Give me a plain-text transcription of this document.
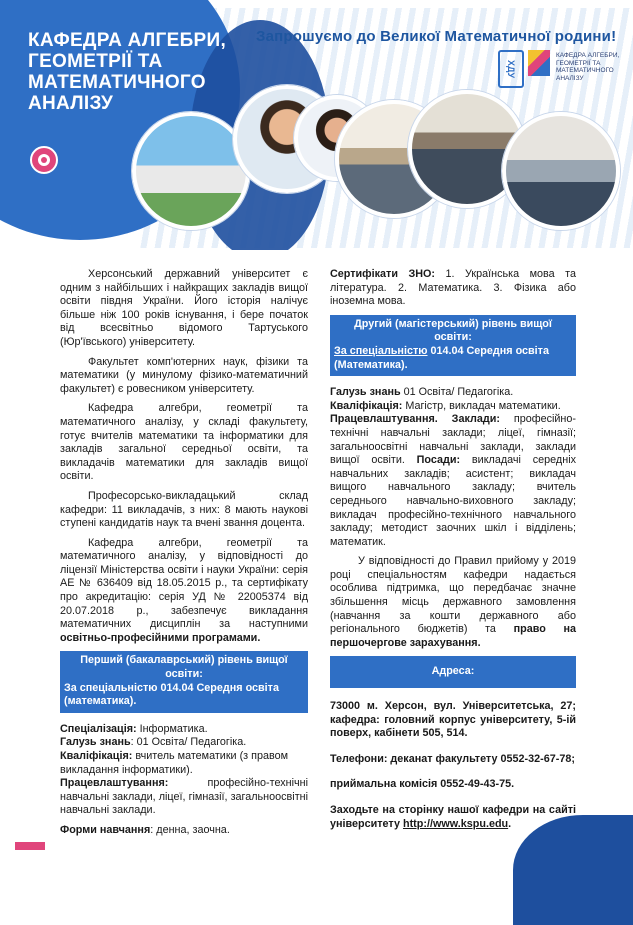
КАФЕДРА АЛГЕБРИ, ГЕОМЕТРІЇ ТА МАТЕМАТИЧНОГО АНАЛІЗУ
Запрошуємо до Великої Математичної родини!
ХДУ
КАФЕДРА АЛГЕБРИ, ГЕОМЕТРІЇ ТА МАТЕМАТИЧНОГО АНАЛІЗУ

Херсонський державний університет є одним з найбільших і найкращих закладів вищої освіти півдня України. Його історія налічує більше ніж 100 років існування, і бере початок від всесвітньо відомого Тартуського (Юр'ївського) університету.

Факультет комп'ютерних наук, фізики та математики (у минулому фізико-математичний факультет) є ровесником університету.

Кафедра алгебри, геометрії та математичного аналізу, у складі факультету, готує вчителів математики та інформатики для закладів загальної середньої освіти, та викладачів математики для закладів вищої освіти.

Професорсько-викладацький склад кафедри: 11 викладачів, з них: 8 мають наукові ступені кандидатів наук та вчені звання доцента.

Кафедра алгебри, геометрії та математичного аналізу, у відповідності до ліцензії Міністерства освіти і науки України: серія АЕ № 636409 від 18.05.2015 р., та сертифікату про акредитацію: серія УД № 22005374 від 20.07.2018 р., забезпечує викладання математичних дисциплін за наступними освітньо-професійними програмами.

Перший (бакалаврський) рівень вищої освіти:
За спеціальністю 014.04 Середня освіта (математика).
Спеціалізація: Інформатика.
Галузь знань: 01 Освіта/ Педагогіка.
Кваліфікація: вчитель математики (з правом викладання інформатики).
Працевлаштування: професійно-технічні навчальні заклади, ліцеї, гімназії, загальноосвітні навчальні заклади.
Форми навчання: денна, заочна.

Сертифікати ЗНО: 1. Українська мова та література. 2. Математика. 3. Фізика або іноземна мова.

Другий (магістерський) рівень вищої освіти:
За спеціальністю 014.04 Середня освіта (Математика).
Галузь знань 01 Освіта/ Педагогіка.
Кваліфікація: Магістр, викладач математики.

Працевлаштування. Заклади: професійно-технічні навчальні заклади; ліцеї, гімназії; загальноосвітні навчальні заклади, заклади вищої освіти. Посади: викладачі середніх навчальних закладів; асистент; викладач вищого навчального закладу; вчитель середнього навчально-виховного закладу; викладач професійно-технічного навчального закладу; методист заочних шкіл і відділень; математик.

У відповідності до Правил прийому у 2019 році спеціальностям кафедри надається особлива підтримка, що передбачає значне збільшення місць державного замовлення (навчання за кошти державного або регіонального бюджетів) та право на першочергове зарахування.

Адреса:

73000 м. Херсон, вул. Університетська, 27; кафедра: головний корпус університету, 5-ій поверх, кабінети 505, 514.

Телефони: деканат факультету 0552-32-67-78;

приймальна комісія 0552-49-43-75.

Заходьте на сторінку нашої кафедри на сайті університету http://www.kspu.edu.
